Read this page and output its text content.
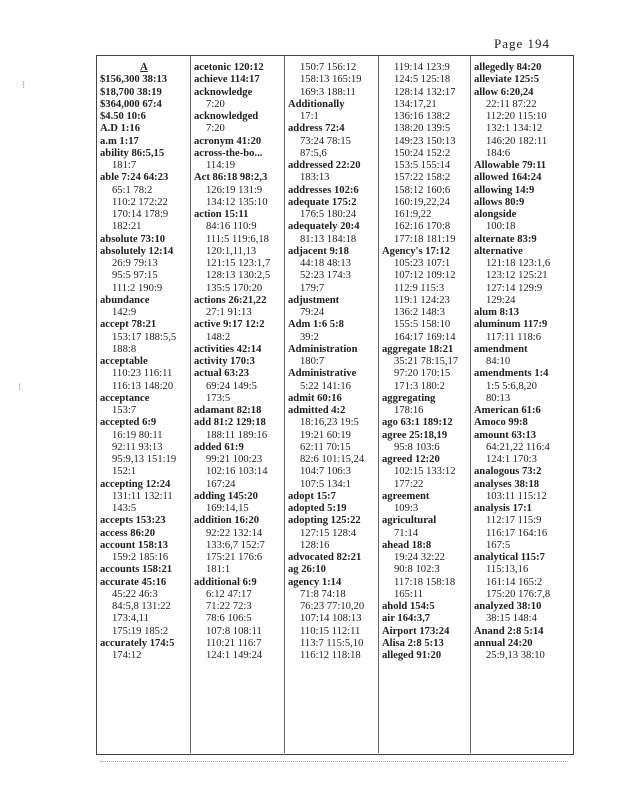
Page 194
⁝
⁝
A
$156,300 38:13
$18,700 38:19
$364,000 67:4
$4.50 10:6
A.D 1:16
a.m 1:17
ability 86:5,15
181:7
able 7:24 64:23
65:1 78:2
110:2 172:22
170:14 178:9
182:21
absolute 73:10
absolutely 12:14
26:9 79:13
95:5 97:15
111:2 190:9
abundance
142:9
accept 78:21
153:17 188:5,5
188:8
acceptable
110:23 116:11
116:13 148:20
acceptance
153:7
accepted 6:9
16:19 80:11
92:11 93:13
95:9,13 151:19
152:1
accepting 12:24
131:11 132:11
143:5
accepts 153:23
access 86:20
account 158:13
159:2 185:16
accounts 158:21
accurate 45:16
45:22 46:3
84:5,8 131:22
173:4,11
175:19 185:2
accurately 174:5
174:12
acetonic 120:12
achieve 114:17
acknowledge
7:20
acknowledged
7:20
acronym 41:20
across-the-bo...
114:19
Act 86:18 98:2,3
126:19 131:9
134:12 135:10
action 15:11
84:16 110:9
111:5 119:6,18
120:1,11,13
121:15 123:1,7
128:13 130:2,5
135:5 170:20
actions 26:21,22
27:1 91:13
active 9:17 12:2
148:2
activities 42:14
activity 170:3
actual 63:23
69:24 149:5
173:5
adamant 82:18
add 81:2 129:18
188:11 189:16
added 61:9
99:21 100:23
102:16 103:14
167:24
adding 145:20
169:14,15
addition 16:20
92:22 132:14
133:6,7 152:7
175:21 176:6
181:1
additional 6:9
6:12 47:17
71:22 72:3
78:6 106:5
107:8 108:11
110:21 116:7
124:1 149:24
150:7 156:12
158:13 165:19
169:3 188:11
Additionally
17:1
address 72:4
73:24 78:15
87:5,6
addressed 22:20
183:13
addresses 102:6
adequate 175:2
176:5 180:24
adequately 20:4
81:13 184:18
adjacent 9:18
44:18 48:13
52:23 174:3
179:7
adjustment
79:24
Adm 1:6 5:8
39:2
Administration
180:7
Administrative
5:22 141:16
admit 60:16
admitted 4:2
18:16,23 19:5
19:21 60:19
62:11 70:15
82:6 101:15,24
104:7 106:3
107:5 134:1
adopt 15:7
adopted 5:19
adopting 125:22
127:15 128:4
128:16
advocated 82:21
ag 26:10
agency 1:14
71:8 74:18
76:23 77:10,20
107:14 108:13
110:15 112:11
113:7 115:5,10
116:12 118:18
119:14 123:9
124:5 125:18
128:14 132:17
134:17,21
136:16 138:2
138:20 139:5
149:23 150:13
150:24 152:2
153:5 155:14
157:22 158:2
158:12 160:6
160:19,22,24
161:9,22
162:16 170:8
177:18 181:19
Agency's 17:12
105:23 107:1
107:12 109:12
112:9 115:3
119:1 124:23
136:2 148:3
155:5 158:10
164:17 169:14
aggregate 18:21
35:21 78:15,17
97:20 170:15
171:3 180:2
aggregating
178:16
ago 63:1 189:12
agree 25:18,19
95:8 103:6
agreed 12:20
102:15 133:12
177:22
agreement
109:3
agricultural
71:14
ahead 18:8
19:24 32:22
90:8 102:3
117:18 158:18
165:11
ahold 154:5
air 164:3,7
Airport 173:24
Alisa 2:8 5:13
alleged 91:20
allegedly 84:20
alleviate 125:5
allow 6:20,24
22:11 87:22
112:20 115:10
132:1 134:12
146:20 182:11
184:6
Allowable 79:11
allowed 164:24
allowing 14:9
allows 80:9
alongside
100:18
alternate 83:9
alternative
121:18 123:1,6
123:12 125:21
127:14 129:9
129:24
alum 8:13
aluminum 117:9
117:11 118:6
amendment
84:10
amendments 1:4
1:5 5:6,8,20
80:13
American 61:6
Amoco 99:8
amount 63:13
64:21,22 116:4
124:1 170:3
analogous 73:2
analyses 38:18
103:11 115:12
analysis 17:1
112:17 115:9
116:17 164:16
167:5
analytical 115:7
115:13,16
161:14 165:2
175:20 176:7,8
analyzed 38:10
38:15 148:4
Anand 2:8 5:14
annual 24:20
25:9,13 38:10
